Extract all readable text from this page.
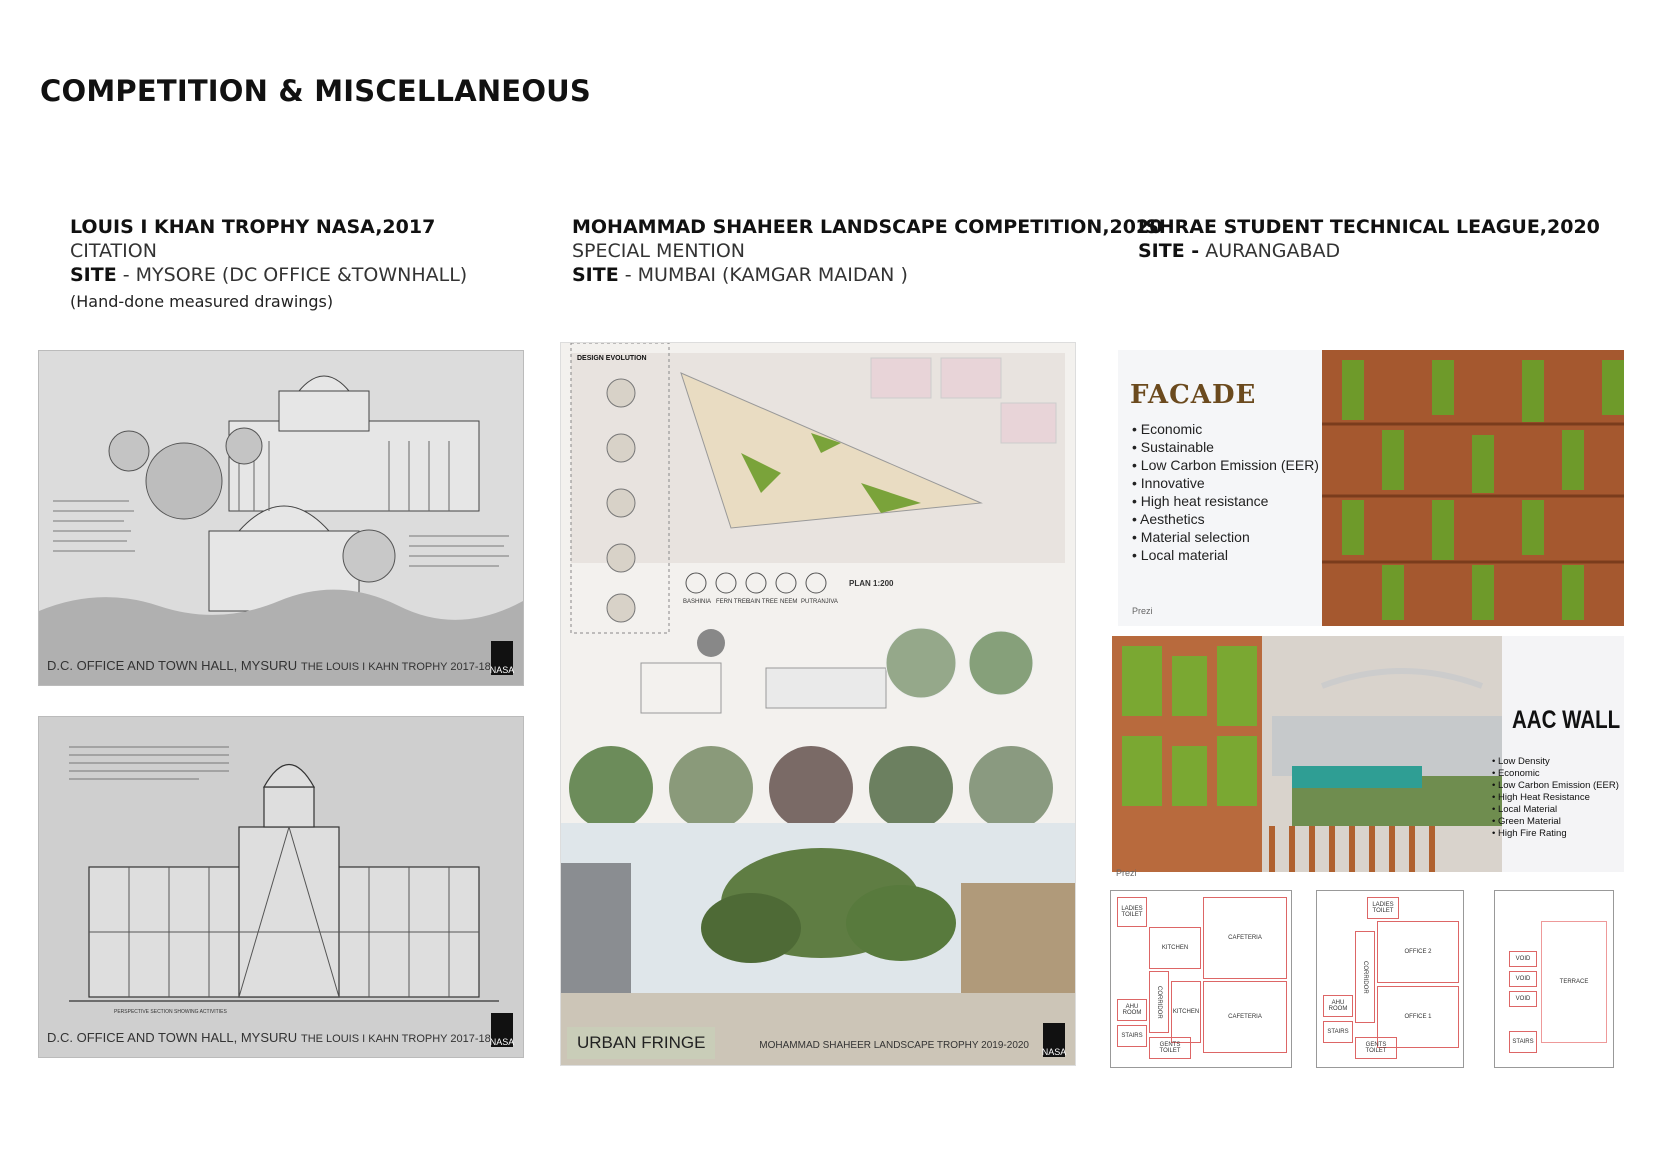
COMPETITION & MISCELLANEOUS
LOUIS I KHAN TROPHY NASA,2017
CITATION
SITE - MYSORE (DC OFFICE &TOWNHALL)
(Hand-done measured drawings)
MOHAMMAD SHAHEER LANDSCAPE COMPETITION,2020
SPECIAL MENTION
SITE - MUMBAI (KAMGAR MAIDAN )
ISHRAE STUDENT TECHNICAL LEAGUE,2020
SITE - AURANGABAD
D.C. OFFICE AND TOWN HALL, MYSURU THE LOUIS I KAHN TROPHY 2017-18 NASA
PERSPECTIVE SECTION SHOWING ACTIVITIES
D.C. OFFICE AND TOWN HALL, MYSURU THE LOUIS I KAHN TROPHY 2017-18 NASA
DESIGN EVOLUTION
PLAN 1:200
BASHINIA FERN TREE
RAIN TREE NEEM PUTRANJIVA
URBAN FRINGE	MOHAMMAD SHAHEER LANDSCAPE TROPHY 2019-2020
NASA
FACADE
• Economic
• Sustainable
• Low Carbon Emission (EER)
• Innovative
• High heat resistance
• Aesthetics
• Material selection
• Local material
Prezi
AAC WALL
• Low Density
• Economic
• Low Carbon Emission (EER)
• High Heat Resistance
• Local Material
• Green Material
• High Fire Rating
Prezi
LADIES TOILET
KITCHEN
CAFETERIA
CORRIDOR	KITCHEN
CAFETERIA
AHU ROOM
STAIRS
GENTS TOILET
LADIES TOILET
OFFICE 2
OFFICE 1
CORRIDOR
AHU ROOM
STAIRS
GENTS TOILET
VOID
VOID
VOID
TERRACE
STAIRS
